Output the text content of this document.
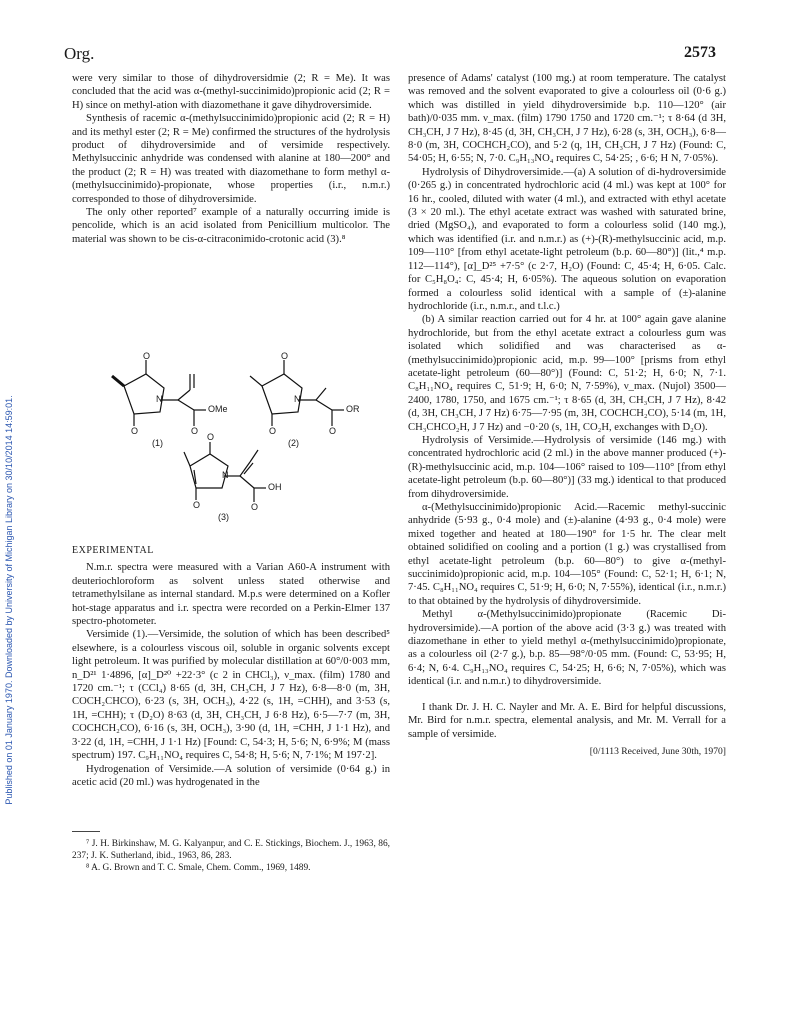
Org.	2573
Published on 01 January 1970. Downloaded by University of Michigan Library on 30/10/2014 14:59:01.

were very similar to those of dihydroversidmie (2; R = Me). It was concluded that the acid was α-(methyl-succinimido)propionic acid (2; R = H) since on methyl-ation with diazomethane it gave dihydroversimide.

Synthesis of racemic α-(methylsuccinimido)propionic acid (2; R = H) and its methyl ester (2; R = Me) confirmed the structures of the hydrolysis product of dihydroversimide and of versimide respectively. Methylsuccinic anhydride was condensed with alanine at 180—200° and the product (2; R = H) was treated with diazomethane to form methyl α-(methylsuccinimido)-propionate, whose properties (i.r., n.m.r.) corresponded to those of dihydroversimide.

The only other reported⁷ example of a naturally occurring imide is pencolide, which is an acid isolated from Penicillium multicolor. The material was shown to be cis-α-citraconimido-crotonic acid (3).⁸

O
O
N
O
OMe
O
O
N
O
OR
O
O
N
O
OH
(1)	(2)
(3)

EXPERIMENTAL

N.m.r. spectra were measured with a Varian A60-A instrument with deuteriochloroform as solvent unless stated otherwise and tetramethylsilane as internal standard. M.p.s were determined on a Kofler hot-stage apparatus and i.r. spectra were recorded on a Perkin-Elmer 137 spectro-photometer.

Versimide (1).—Versimide, the solution of which has been described⁵ elsewhere, is a colourless viscous oil, soluble in organic solvents except light petroleum. It was purified by molecular distillation at 60°/0·003 mm, n_D²¹ 1·4896, [α]_D²⁰ +22·3° (c 2 in CHCl₃), ν_max. (film) 1780 and 1720 cm.⁻¹; τ (CCl₄) 8·65 (d, 3H, CH₃CH, J 7 Hz), 6·8—8·0 (m, 3H, COCH₂CHCO), 6·23 (s, 3H, OCH₃), 4·22 (s, 1H, =CHH), and 3·53 (s, 1H, =CHH); τ (D₂O) 8·63 (d, 3H, CH₃CH, J 6·8 Hz), 6·5—7·7 (m, 3H, COCHCH₂CO), 6·16 (s, 3H, OCH₃), 3·90 (d, 1H, =CHH, J 1·1 Hz), and 3·22 (d, 1H, =CHH, J 1·1 Hz) [Found: C, 54·3; H, 5·6; N, 6·9%; M (mass spectrum) 197. C₉H₁₁NO₄ requires C, 54·8; H, 5·6; N, 7·1%; M 197·2].

Hydrogenation of Versimide.—A solution of versimide (0·64 g.) in acetic acid (20 ml.) was hydrogenated in the

⁷ J. H. Birkinshaw, M. G. Kalyanpur, and C. E. Stickings, Biochem. J., 1963, 86, 237; J. K. Sutherland, ibid., 1963, 86, 283.

⁸ A. G. Brown and T. C. Smale, Chem. Comm., 1969, 1489.

presence of Adams' catalyst (100 mg.) at room temperature. The catalyst was removed and the solvent evaporated to give a colourless oil (0·6 g.) which was distilled in yield dihydroversimide b.p. 110—120° (air bath)/0·035 mm. ν_max. (film) 1790 1750 and 1720 cm.⁻¹; τ 8·64 (d 3H, CH₃CH, J 7 Hz), 8·45 (d, 3H, CH₃CH, J 7 Hz), 6·28 (s, 3H, OCH₃), 6·8—8·0 (m, 3H, COCHCH₂CO), and 5·2 (q, 1H, CH₃CH, J 7 Hz) (Found: C, 54·05; H, 6·55; N, 7·0. C₉H₁₃NO₄ requires C, 54·25; , 6·6; H N, 7·05%).

Hydrolysis of Dihydroversimide.—(a) A solution of di-hydroversimide (0·265 g.) in concentrated hydrochloric acid (4 ml.) was kept at 100° for 16 hr., cooled, diluted with water (4 ml.), and extracted with ethyl acetate (3 × 20 ml.). The ethyl acetate extract was washed with saturated brine, dried (MgSO₄), and evaporated to form a colourless solid (140 mg.), which was identified (i.r. and n.m.r.) as (+)-(R)-methylsuccinic acid, m.p. 109—110° [from ethyl acetate-light petroleum (b.p. 60—80°)] (lit.,⁴ m.p. 112—114°), [α]_D²⁵ +7·5° (c 2·7, H₂O) (Found: C, 45·4; H, 6·05. Calc. for C₅H₈O₄: C, 45·4; H, 6·05%). The aqueous solution on evaporation formed a colourless solid identical with a sample of (±)-alanine hydrochloride (i.r., n.m.r., and t.l.c.)

(b) A similar reaction carried out for 4 hr. at 100° again gave alanine hydrochloride, but from the ethyl acetate extract a colourless gum was isolated which solidified and was characterised as α-(methylsuccinimido)propionic acid, m.p. 99—100° [prisms from ethyl acetate-light petroleum (60—80°)] (Found: C, 51·2; H, 6·0; N, 7·1. C₈H₁₁NO₄ requires C, 51·9; H, 6·0; N, 7·59%), ν_max. (Nujol) 3500—2400, 1780, 1750, and 1675 cm.⁻¹; τ 8·65 (d, 3H, CH₃CH, J 7 Hz), 8·42 (d, 3H, CH₃CH, J 7 Hz) 6·75—7·95 (m, 3H, COCHCH₂CO), 5·14 (m, 1H, CH₃CHCO₂H, J 7 Hz) and −0·20 (s, 1H, CO₂H, exchanges with D₂O).

Hydrolysis of Versimide.—Hydrolysis of versimide (146 mg.) with concentrated hydrochloric acid (2 ml.) in the above manner produced (+)-(R)-methylsuccinic acid, m.p. 104—106° raised to 109—110° [from ethyl acetate-light petroleum (b.p. 60—80°)] (33 mg.) identical to that produced from dihydroversimide.

α-(Methylsuccinimido)propionic Acid.—Racemic methyl-succinic anhydride (5·93 g., 0·4 mole) and (±)-alanine (4·93 g., 0·4 mole) were mixed together and heated at 180—190° for 1·5 hr. The clear melt obtained solidified on cooling and a portion (1 g.) was crystallised from ethyl acetate-light petroleum (b.p. 60—80°) to give α-(methyl-succinimido)propionic acid, m.p. 104—105° (Found: C, 52·1; H, 6·1; N, 7·45. C₈H₁₁NO₄ requires C, 51·9; H, 6·0; N, 7·55%), identical (i.r., n.m.r.) to that obtained by the hydrolysis of dihydroversimide.

Methyl α-(Methylsuccinimido)propionate (Racemic Di-hydroversimide).—A portion of the above acid (3·3 g.) was treated with diazomethane in ether to yield methyl α-(methylsuccinimido)propionate, as a colourless oil (2·7 g.), b.p. 85—98°/0·05 mm. (Found: C, 53·95; H, 6·4; N, 6·4. C₉H₁₃NO₄ requires C, 54·25; H, 6·6; N, 7·05%), which was identical (i.r. and n.m.r.) to dihydroversimide.

I thank Dr. J. H. C. Nayler and Mr. A. E. Bird for helpful discussions, Mr. Bird for n.m.r. spectra, elemental analysis, and Mr. M. Verrall for a sample of versimide.

[0/1113 Received, June 30th, 1970]
